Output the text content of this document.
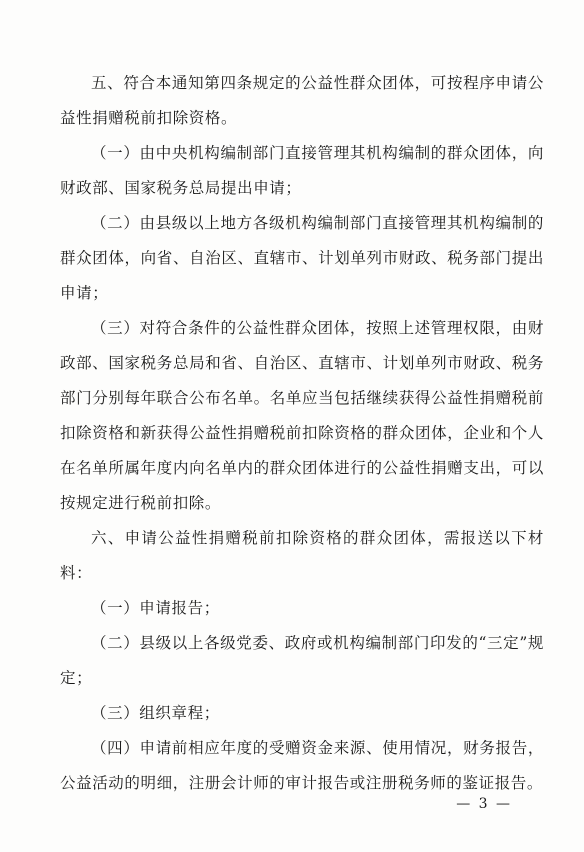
五、符合本通知第四条规定的公益性群众团体，可按程序申请公益性捐赠税前扣除资格。

（一）由中央机构编制部门直接管理其机构编制的群众团体，向财政部、国家税务总局提出申请；

（二）由县级以上地方各级机构编制部门直接管理其机构编制的群众团体，向省、自治区、直辖市、计划单列市财政、税务部门提出申请；

（三）对符合条件的公益性群众团体，按照上述管理权限，由财政部、国家税务总局和省、自治区、直辖市、计划单列市财政、税务部门分别每年联合公布名单。名单应当包括继续获得公益性捐赠税前扣除资格和新获得公益性捐赠税前扣除资格的群众团体，企业和个人在名单所属年度内向名单内的群众团体进行的公益性捐赠支出，可以按规定进行税前扣除。

六、申请公益性捐赠税前扣除资格的群众团体，需报送以下材料：

（一）申请报告；

（二）县级以上各级党委、政府或机构编制部门印发的“三定”规定；

（三）组织章程；

（四）申请前相应年度的受赠资金来源、使用情况，财务报告，公益活动的明细，注册会计师的审计报告或注册税务师的鉴证报告。

— 3 —
